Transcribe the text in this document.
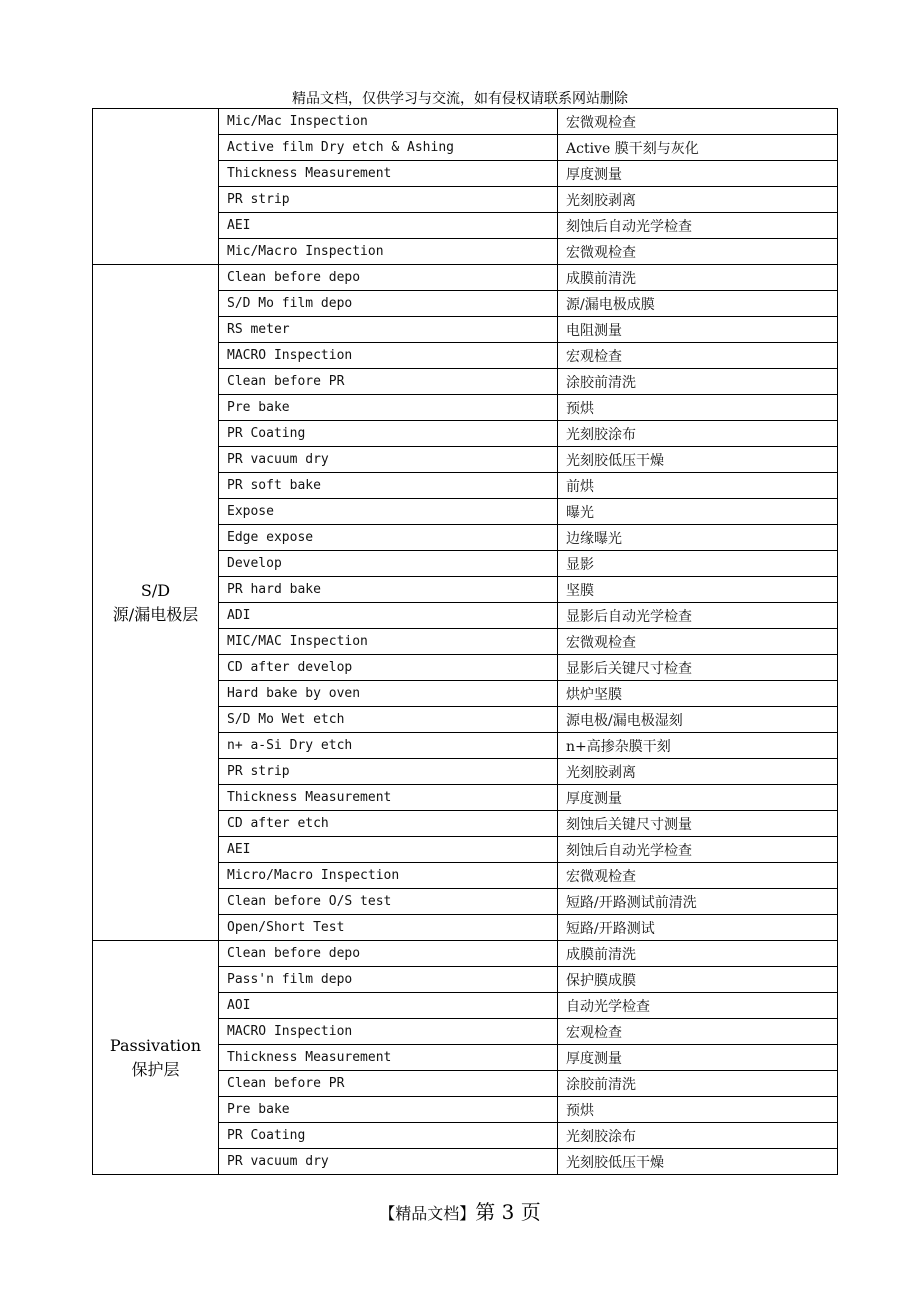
精品文档，仅供学习与交流，如有侵权请联系网站删除
	Mic/Mac Inspection	宏微观检查
	Active film Dry etch & Ashing	Active 膜干刻与灰化
	Thickness Measurement	厚度测量
	PR strip	光刻胶剥离
	AEI	刻蚀后自动光学检查
	Mic/Macro Inspection	宏微观检查

S/D
源/漏电极层	Clean before depo	成膜前清洗
	S/D Mo film depo	源/漏电极成膜
	RS meter	电阻测量
	MACRO Inspection	宏观检查
	Clean before PR	涂胶前清洗
	Pre bake	预烘
	PR Coating	光刻胶涂布
	PR vacuum dry	光刻胶低压干燥
	PR soft bake	前烘
	Expose	曝光
	Edge expose	边缘曝光
	Develop	显影
	PR hard bake	坚膜
	ADI	显影后自动光学检查
	MIC/MAC Inspection	宏微观检查
	CD after develop	显影后关键尺寸检查
	Hard bake by oven	烘炉坚膜
	S/D Mo Wet etch	源电极/漏电极湿刻
	n+ a-Si Dry etch	n+高掺杂膜干刻
	PR strip	光刻胶剥离
	Thickness Measurement	厚度测量
	CD after etch	刻蚀后关键尺寸测量
	AEI	刻蚀后自动光学检查
	Micro/Macro Inspection	宏微观检查
	Clean before O/S test	短路/开路测试前清洗
	Open/Short Test	短路/开路测试

Passivation
保护层	Clean before depo	成膜前清洗
	Pass'n film depo	保护膜成膜
	AOI	自动光学检查
	MACRO Inspection	宏观检查
	Thickness Measurement	厚度测量
	Clean before PR	涂胶前清洗
	Pre bake	预烘
	PR Coating	光刻胶涂布
	PR vacuum dry	光刻胶低压干燥
【精品文档】第 3 页
